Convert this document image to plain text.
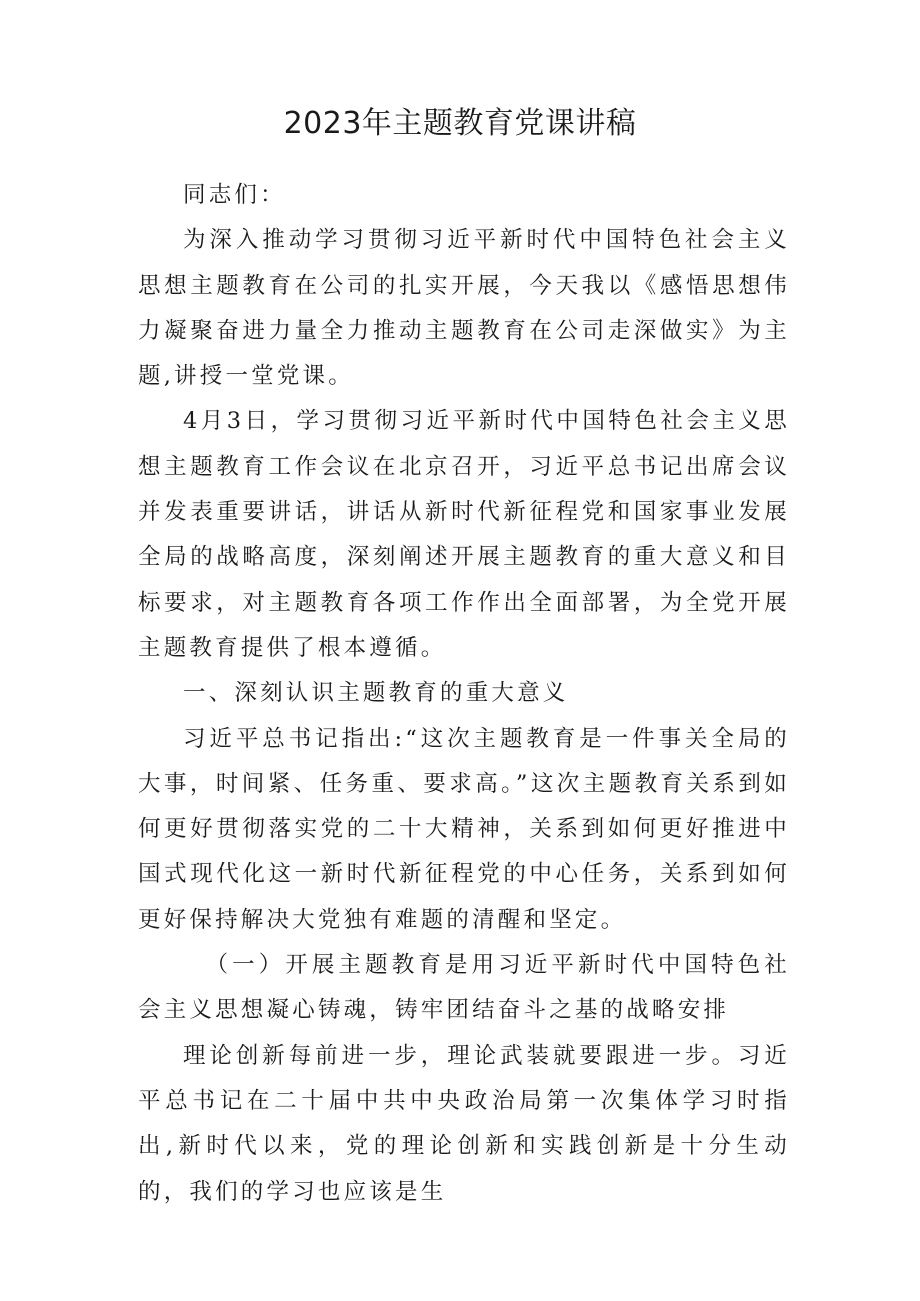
2023年主题教育党课讲稿

同志们：

为深入推动学习贯彻习近平新时代中国特色社会主义思想主题教育在公司的扎实开展，今天我以《感悟思想伟力凝聚奋进力量全力推动主题教育在公司走深做实》为主题,讲授一堂党课。

4月3日，学习贯彻习近平新时代中国特色社会主义思想主题教育工作会议在北京召开，习近平总书记出席会议并发表重要讲话，讲话从新时代新征程党和国家事业发展全局的战略高度，深刻阐述开展主题教育的重大意义和目标要求，对主题教育各项工作作出全面部署，为全党开展主题教育提供了根本遵循。

一、深刻认识主题教育的重大意义

习近平总书记指出:“这次主题教育是一件事关全局的大事，时间紧、任务重、要求高。”这次主题教育关系到如何更好贯彻落实党的二十大精神，关系到如何更好推进中国式现代化这一新时代新征程党的中心任务，关系到如何更好保持解决大党独有难题的清醒和坚定。

（一）开展主题教育是用习近平新时代中国特色社会主义思想凝心铸魂，铸牢团结奋斗之基的战略安排

理论创新每前进一步，理论武装就要跟进一步。习近平总书记在二十届中共中央政治局第一次集体学习时指出,新时代以来，党的理论创新和实践创新是十分生动的，我们的学习也应该是生
